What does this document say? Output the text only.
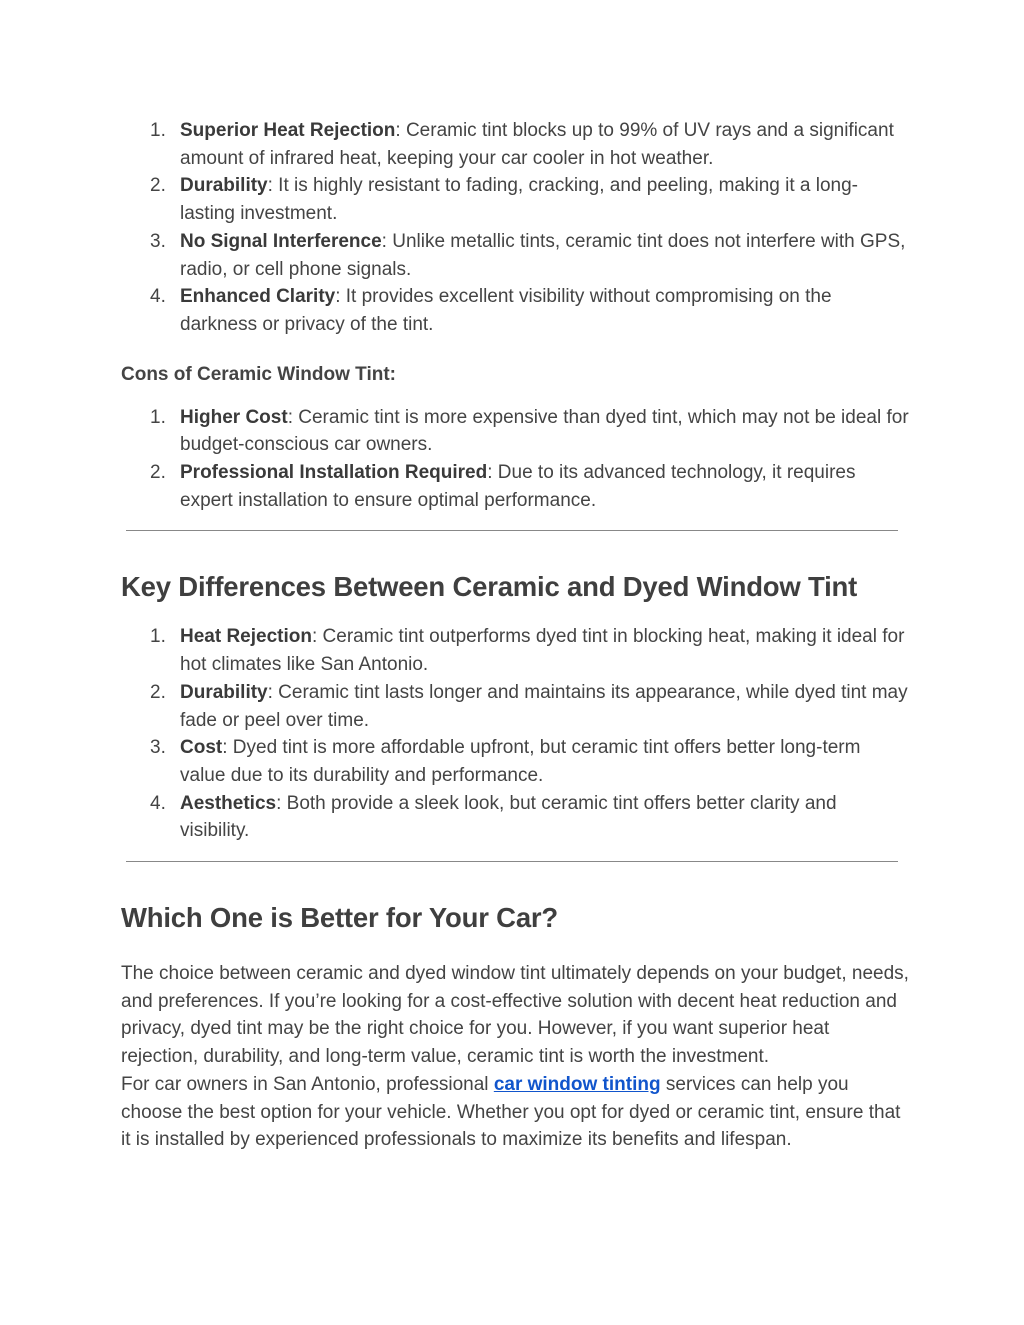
1. Superior Heat Rejection: Ceramic tint blocks up to 99% of UV rays and a significant amount of infrared heat, keeping your car cooler in hot weather.
2. Durability: It is highly resistant to fading, cracking, and peeling, making it a long-lasting investment.
3. No Signal Interference: Unlike metallic tints, ceramic tint does not interfere with GPS, radio, or cell phone signals.
4. Enhanced Clarity: It provides excellent visibility without compromising on the darkness or privacy of the tint.
Cons of Ceramic Window Tint:
1. Higher Cost: Ceramic tint is more expensive than dyed tint, which may not be ideal for budget-conscious car owners.
2. Professional Installation Required: Due to its advanced technology, it requires expert installation to ensure optimal performance.
Key Differences Between Ceramic and Dyed Window Tint
1. Heat Rejection: Ceramic tint outperforms dyed tint in blocking heat, making it ideal for hot climates like San Antonio.
2. Durability: Ceramic tint lasts longer and maintains its appearance, while dyed tint may fade or peel over time.
3. Cost: Dyed tint is more affordable upfront, but ceramic tint offers better long-term value due to its durability and performance.
4. Aesthetics: Both provide a sleek look, but ceramic tint offers better clarity and visibility.
Which One is Better for Your Car?

The choice between ceramic and dyed window tint ultimately depends on your budget, needs, and preferences. If you’re looking for a cost-effective solution with decent heat reduction and privacy, dyed tint may be the right choice for you. However, if you want superior heat rejection, durability, and long-term value, ceramic tint is worth the investment.

For car owners in San Antonio, professional car window tinting services can help you choose the best option for your vehicle. Whether you opt for dyed or ceramic tint, ensure that it is installed by experienced professionals to maximize its benefits and lifespan.
